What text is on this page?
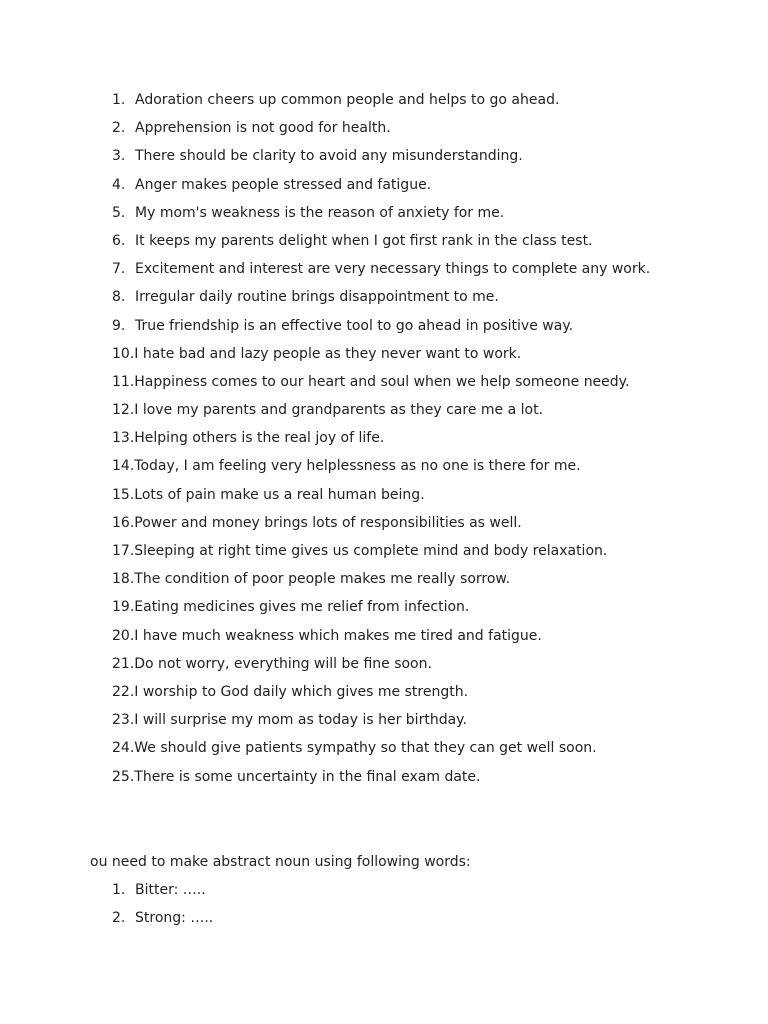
1. Adoration cheers up common people and helps to go ahead.
2. Apprehension is not good for health.
3. There should be clarity to avoid any misunderstanding.
4. Anger makes people stressed and fatigue.
5. My mom's weakness is the reason of anxiety for me.
6. It keeps my parents delight when I got first rank in the class test.
7. Excitement and interest are very necessary things to complete any work.
8. Irregular daily routine brings disappointment to me.
9. True friendship is an effective tool to go ahead in positive way.
10. I hate bad and lazy people as they never want to work.
11. Happiness comes to our heart and soul when we help someone needy.
12. I love my parents and grandparents as they care me a lot.
13. Helping others is the real joy of life.
14. Today, I am feeling very helplessness as no one is there for me.
15. Lots of pain make us a real human being.
16. Power and money brings lots of responsibilities as well.
17. Sleeping at right time gives us complete mind and body relaxation.
18. The condition of poor people makes me really sorrow.
19. Eating medicines gives me relief from infection.
20. I have much weakness which makes me tired and fatigue.
21. Do not worry, everything will be fine soon.
22. I worship to God daily which gives me strength.
23. I will surprise my mom as today is her birthday.
24. We should give patients sympathy so that they can get well soon.
25. There is some uncertainty in the final exam date.
ou need to make abstract noun using following words:
1. Bitter: …..
2. Strong: …..
